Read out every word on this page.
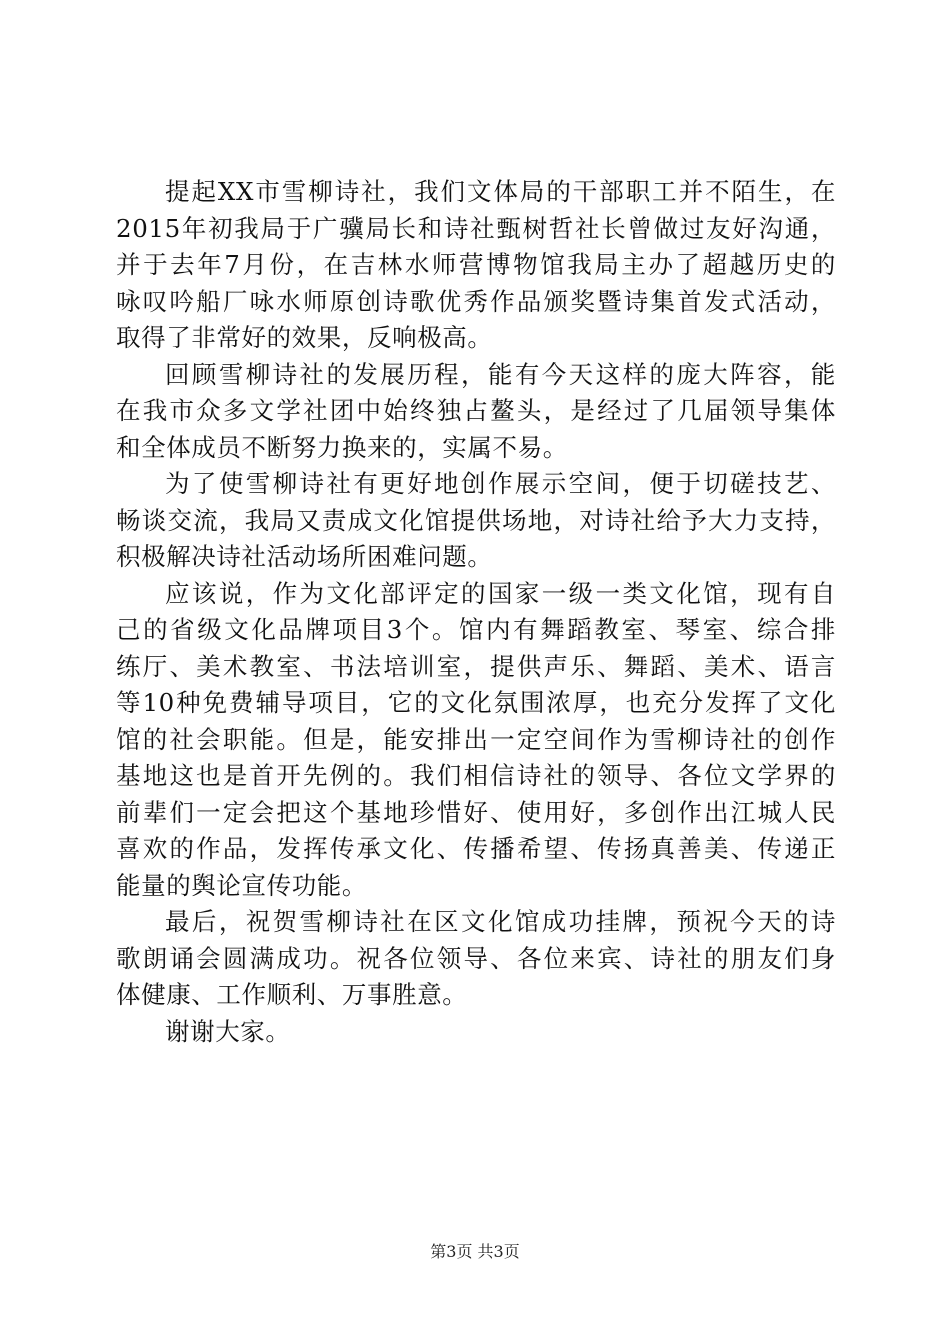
提起XX市雪柳诗社，我们文体局的干部职工并不陌生，在
2015年初我局于广骥局长和诗社甄树哲社长曾做过友好沟通，
并于去年7月份，在吉林水师营博物馆我局主办了超越历史的
咏叹吟船厂咏水师原创诗歌优秀作品颁奖暨诗集首发式活动，
取得了非常好的效果，反响极高。
回顾雪柳诗社的发展历程，能有今天这样的庞大阵容，能
在我市众多文学社团中始终独占鳌头，是经过了几届领导集体
和全体成员不断努力换来的，实属不易。
为了使雪柳诗社有更好地创作展示空间，便于切磋技艺、
畅谈交流，我局又责成文化馆提供场地，对诗社给予大力支持，
积极解决诗社活动场所困难问题。
应该说，作为文化部评定的国家一级一类文化馆，现有自
己的省级文化品牌项目3个。馆内有舞蹈教室、琴室、综合排
练厅、美术教室、书法培训室，提供声乐、舞蹈、美术、语言
等10种免费辅导项目，它的文化氛围浓厚，也充分发挥了文化
馆的社会职能。但是，能安排出一定空间作为雪柳诗社的创作
基地这也是首开先例的。我们相信诗社的领导、各位文学界的
前辈们一定会把这个基地珍惜好、使用好，多创作出江城人民
喜欢的作品，发挥传承文化、传播希望、传扬真善美、传递正
能量的舆论宣传功能。
最后，祝贺雪柳诗社在区文化馆成功挂牌，预祝今天的诗
歌朗诵会圆满成功。祝各位领导、各位来宾、诗社的朋友们身
体健康、工作顺利、万事胜意。
谢谢大家。
第3页 共3页
